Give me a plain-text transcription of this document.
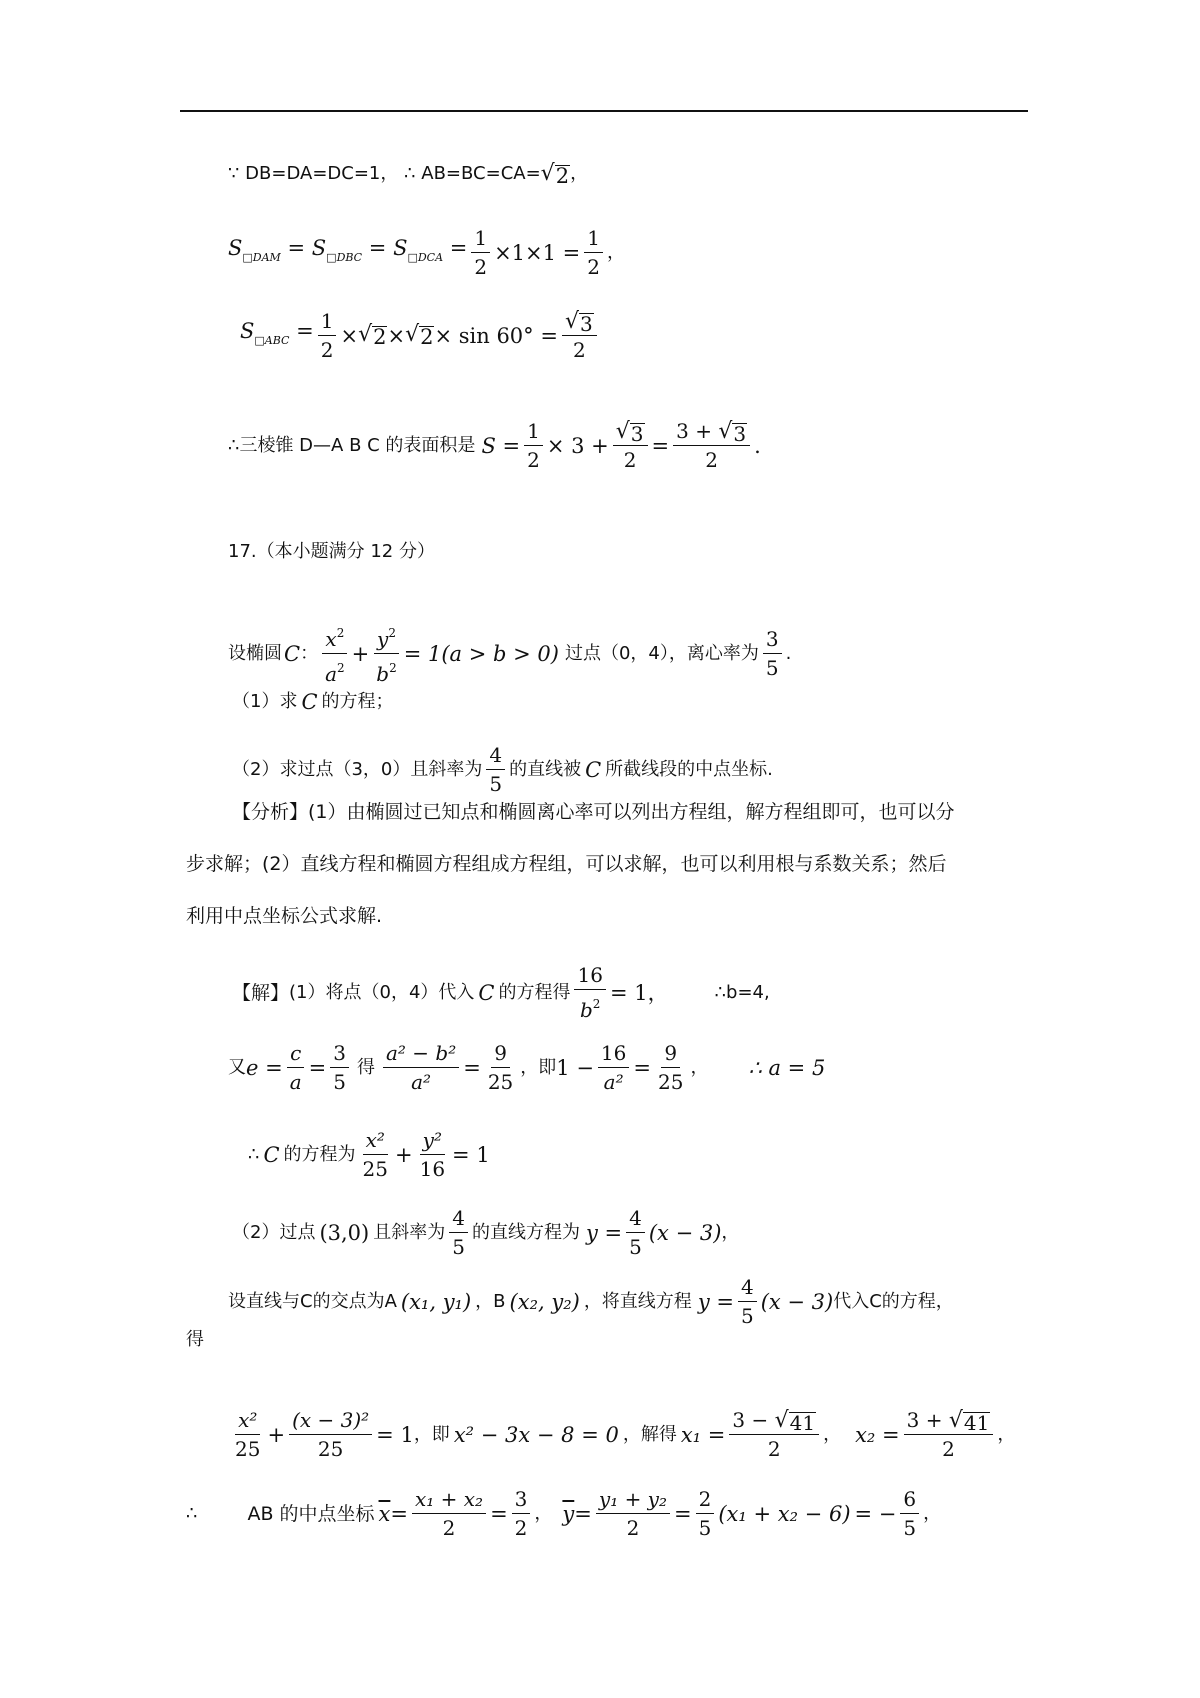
∵ DB=DA=DC=1， ∴ AB=BC=CA= √ 2 ，
$S_{□DAM} = S_{□DBC} = S_{□DCA} = \frac{1}{2} \times 1\times 1 = \frac{1}{2}$ ，
$S_{□ABC} = \frac{1}{2}$ × √ 2 × √ $2 \times \sin 60^\circ = \frac{√ 3}{2}$
∴三棱锥 D—A B C 的表面积是 $S = \frac{1}{2} \times 3 + \frac{√ 3}{2} = \frac{3 + √ 3}{2}$ .
17.（本小题满分 12 分）
设椭圆 C ： $\frac{x^2}{a^2} + \frac{y^2}{b^2} = 1(a > b > 0)$ 过点（0，4），离心率为 $\frac{3}{5}$ .
（1）求 C 的方程；
（2）求过点（3，0）且斜率为 $\frac{4}{5}$ 的直线被 C 所截线段的中点坐标.
【分析】 (1）由椭圆过已知点和椭圆离心率可以列出方程组，解方程组即可，也可以分
步求解；(2）直线方程和椭圆方程组成方程组，可以求解，也可以利用根与系数关系；然后
利用中点坐标公式求解.
【解】 (1）将点（0，4）代入 C 的方程得 $\frac{16}{b^2} = 1$，	∴b=4,
又 $e = \frac{c}{a} = \frac{3}{5}$ 得 $\frac{\text{a² − b²}}{\text{a²}} = \frac{9}{25}$ ，即 $1 - \frac{16}{\text{a²}} = \frac{9}{25}$ ， ∴ a = 5
∴ C 的方程为 $\frac{\text{x²}}{25} + \frac{\text{y²}}{16} = 1$
（2）过点 (3,0) 且斜率为 $\frac{4}{5}$ 的直线方程为 $y = \frac{4}{5} (x - 3)$ ，
设直线与C的交点为A (x₁, y₁) ，B (x₂, y₂) ，将直线方程 $y = \frac{4}{5} (x - 3)$ 代入C的方程，
得
$\frac{\text{x²}}{25} + \frac{\text{(x − 3)²}}{25} = 1$ ，即 x² − 3x − 8 = 0 ，解得 $x_1 = \frac{3 - √ 41}{2}$ ， $x_2 = \frac{3 + √ 41}{2}$ ，
∴	AB 的中点坐标 $\overline{x} = \frac{\text{x₁ + x₂}}{2} = \frac{3}{2}$ ， $\overline{y} = \frac{\text{y₁ + y₂}}{2} = \frac{2}{5} (x_1 + x_2 - 6)$ = − $\frac{6}{5}$ ，
